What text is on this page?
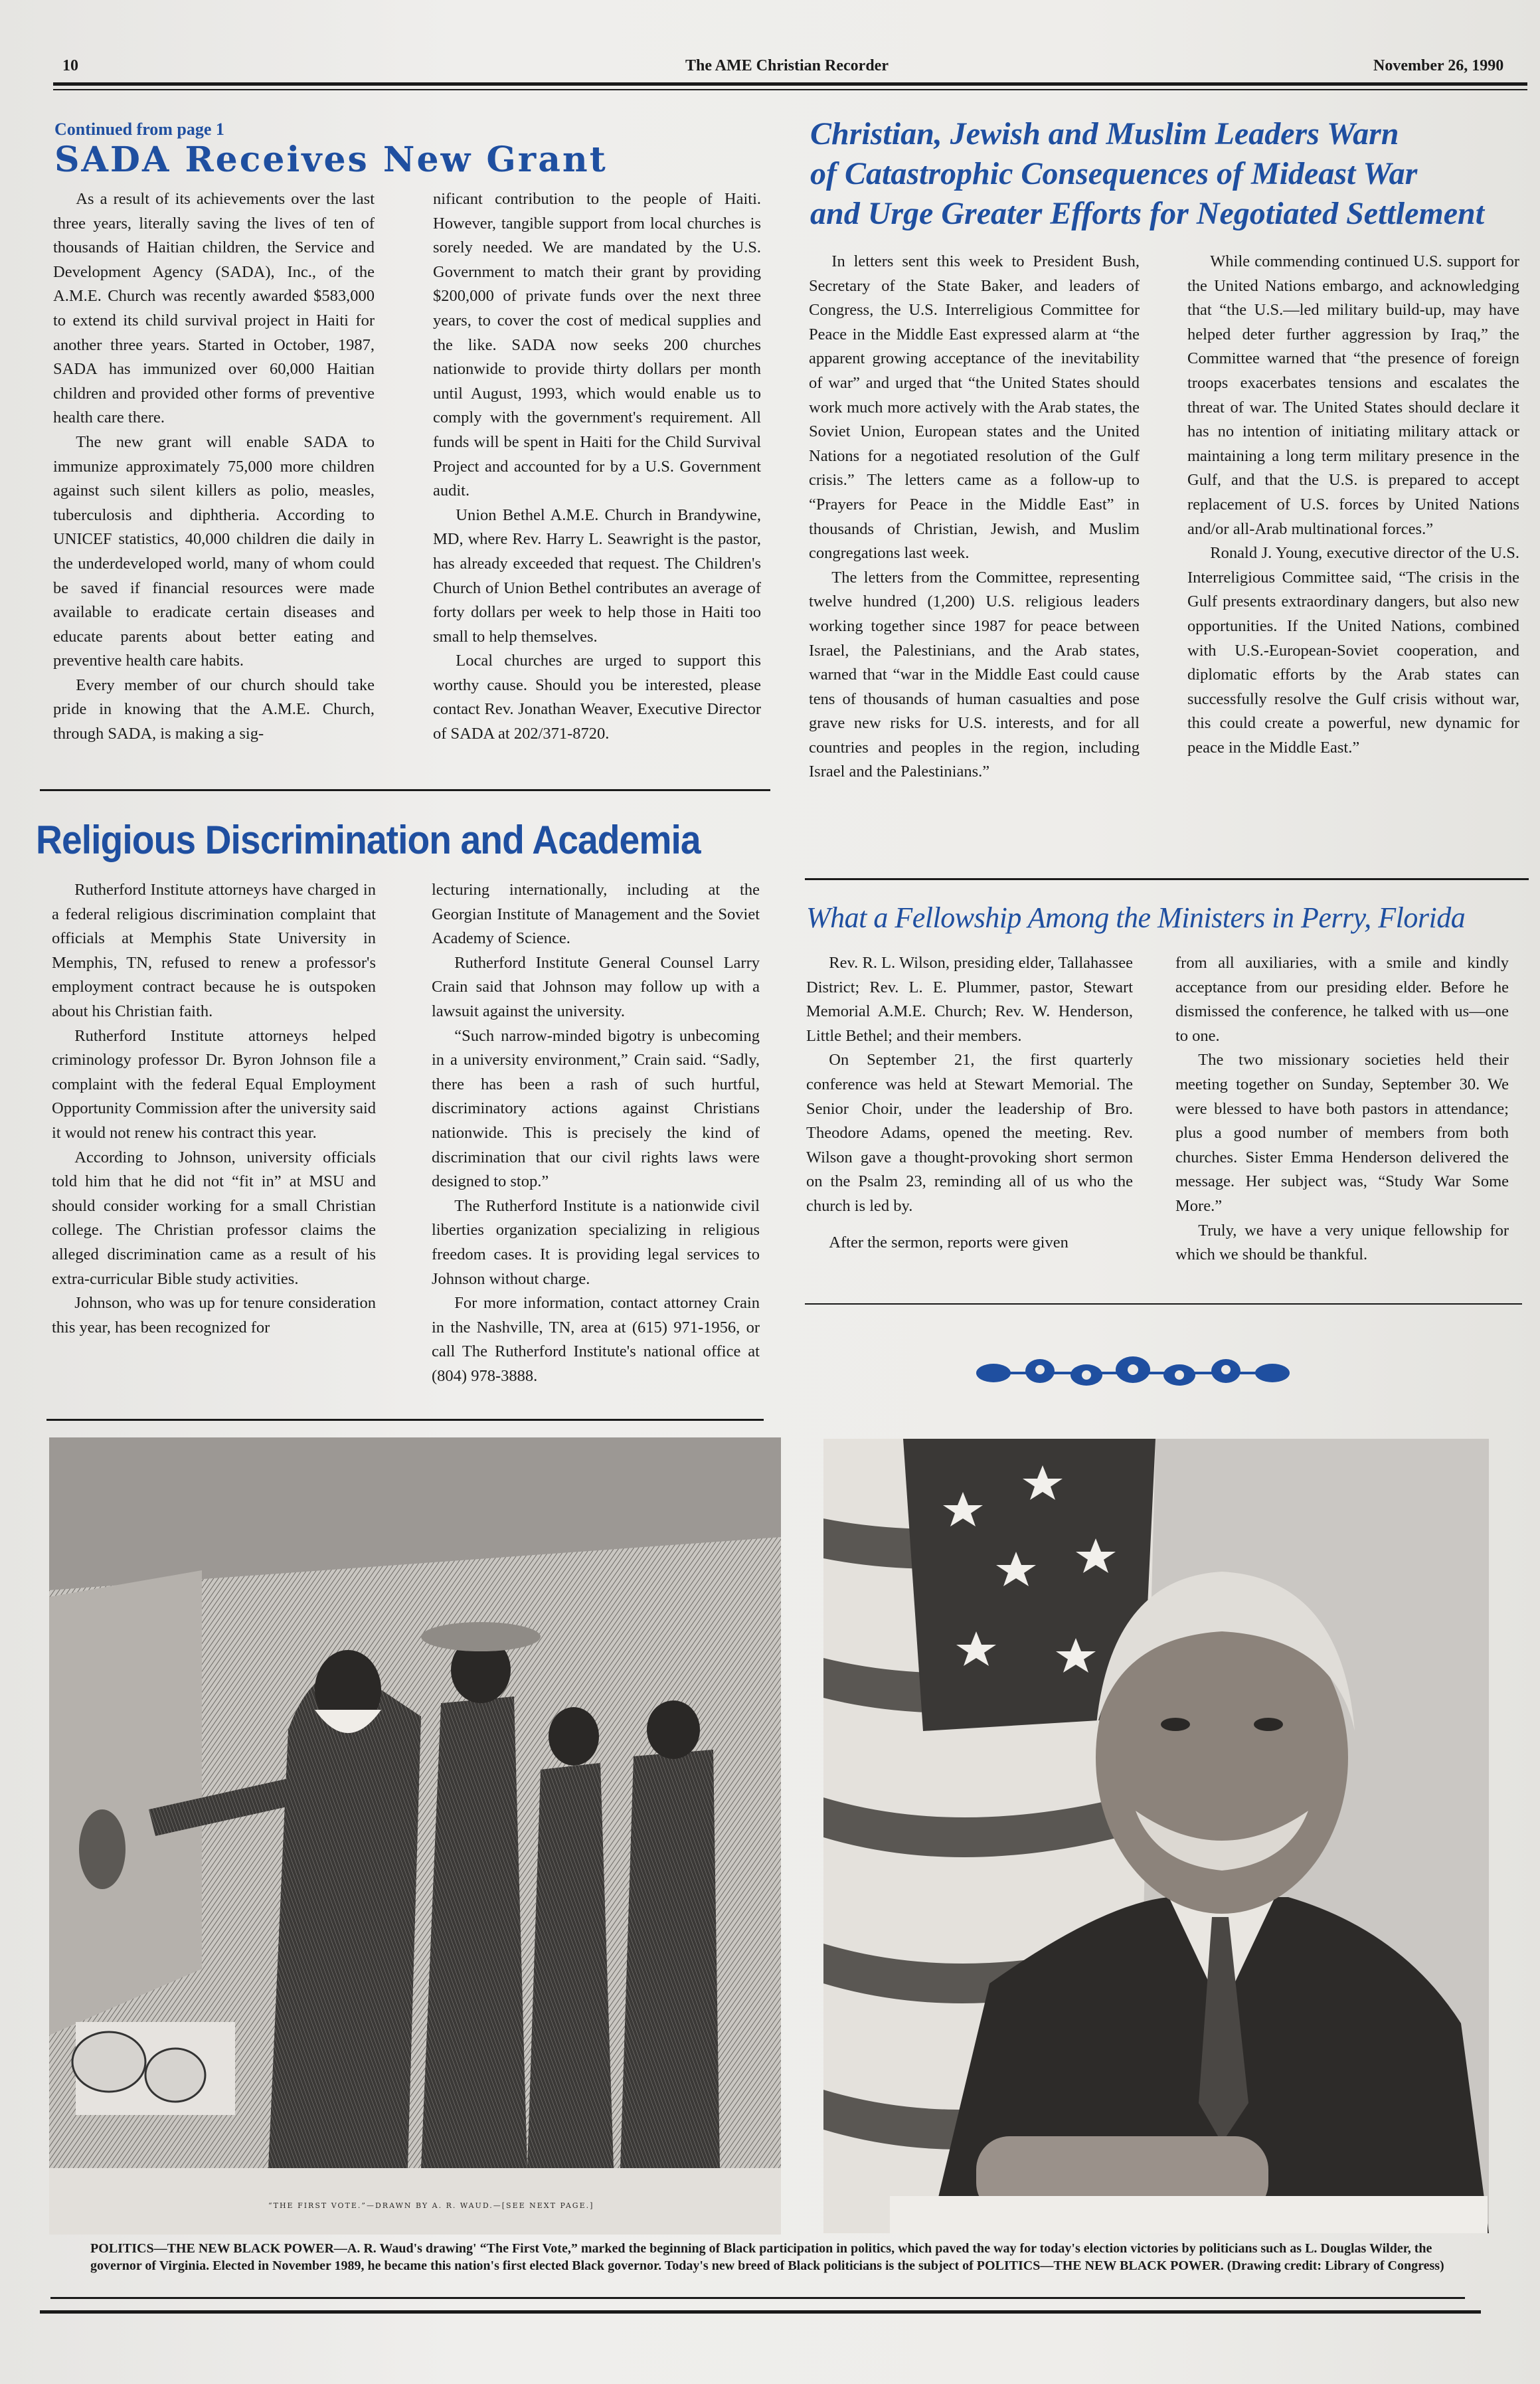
10	The AME Christian Recorder	November 26, 1990
Continued from page 1
SADA Receives New Grant

As a result of its achievements over the last three years, literally saving the lives of ten of thousands of Haitian children, the Service and Development Agency (SADA), Inc., of the A.M.E. Church was recently awarded $583,000 to extend its child survival project in Haiti for another three years. Started in October, 1987, SADA has immunized over 60,000 Haitian children and provided other forms of preventive health care there.

The new grant will enable SADA to immunize approximately 75,000 more children against such silent killers as polio, measles, tuberculosis and diphtheria. According to UNICEF statistics, 40,000 children die daily in the underdeveloped world, many of whom could be saved if financial resources were made available to eradicate certain diseases and educate parents about better eating and preventive health care habits.

Every member of our church should take pride in knowing that the A.M.E. Church, through SADA, is making a sig-

nificant contribution to the people of Haiti. However, tangible support from local churches is sorely needed. We are mandated by the U.S. Government to match their grant by providing $200,000 of private funds over the next three years, to cover the cost of medical supplies and the like. SADA now seeks 200 churches nationwide to provide thirty dollars per month until August, 1993, which would enable us to comply with the government's requirement. All funds will be spent in Haiti for the Child Survival Project and accounted for by a U.S. Government audit.

Union Bethel A.M.E. Church in Brandywine, MD, where Rev. Harry L. Seawright is the pastor, has already exceeded that request. The Children's Church of Union Bethel contributes an average of forty dollars per week to help those in Haiti too small to help themselves.

Local churches are urged to support this worthy cause. Should you be interested, please contact Rev. Jonathan Weaver, Executive Director of SADA at 202/371-8720.

Religious Discrimination and Academia

Rutherford Institute attorneys have charged in a federal religious discrimination complaint that officials at Memphis State University in Memphis, TN, refused to renew a professor's employment contract because he is outspoken about his Christian faith.

Rutherford Institute attorneys helped criminology professor Dr. Byron Johnson file a complaint with the federal Equal Employment Opportunity Commission after the university said it would not renew his contract this year.

According to Johnson, university officials told him that he did not “fit in” at MSU and should consider working for a small Christian college. The Christian professor claims the alleged discrimination came as a result of his extra-curricular Bible study activities.

Johnson, who was up for tenure consideration this year, has been recognized for

lecturing internationally, including at the Georgian Institute of Management and the Soviet Academy of Science.

Rutherford Institute General Counsel Larry Crain said that Johnson may follow up with a lawsuit against the university.

“Such narrow-minded bigotry is unbecoming in a university environment,” Crain said. “Sadly, there has been a rash of such hurtful, discriminatory actions against Christians nationwide. This is precisely the kind of discrimination that our civil rights laws were designed to stop.”

The Rutherford Institute is a nationwide civil liberties organization specializing in religious freedom cases. It is providing legal services to Johnson without charge.

For more information, contact attorney Crain in the Nashville, TN, area at (615) 971-1956, or call The Rutherford Institute's national office at (804) 978-3888.

Christian, Jewish and Muslim Leaders Warn
of Catastrophic Consequences of Mideast War
and Urge Greater Efforts for Negotiated Settlement

In letters sent this week to President Bush, Secretary of the State Baker, and leaders of Congress, the U.S. Interreligious Committee for Peace in the Middle East expressed alarm at “the apparent growing acceptance of the inevitability of war” and urged that “the United States should work much more actively with the Arab states, the Soviet Union, European states and the United Nations for a negotiated resolution of the Gulf crisis.” The letters came as a follow-up to “Prayers for Peace in the Middle East” in thousands of Christian, Jewish, and Muslim congregations last week.

The letters from the Committee, representing twelve hundred (1,200) U.S. religious leaders working together since 1987 for peace between Israel, the Palestinians, and the Arab states, warned that “war in the Middle East could cause tens of thousands of human casualties and pose grave new risks for U.S. interests, and for all countries and peoples in the region, including Israel and the Palestinians.”

While commending continued U.S. support for the United Nations embargo, and acknowledging that “the U.S.—led military build-up, may have helped deter further aggression by Iraq,” the Committee warned that “the presence of foreign troops exacerbates tensions and escalates the threat of war. The United States should declare it has no intention of initiating military attack or maintaining a long term military presence in the Gulf, and that the U.S. is prepared to accept replacement of U.S. forces by United Nations and/or all-Arab multinational forces.”

Ronald J. Young, executive director of the U.S. Interreligious Committee said, “The crisis in the Gulf presents extraordinary dangers, but also new opportunities. If the United Nations, combined with U.S.-European-Soviet cooperation, and diplomatic efforts by the Arab states can successfully resolve the Gulf crisis without war, this could create a powerful, new dynamic for peace in the Middle East.”

What a Fellowship Among the Ministers in Perry, Florida

Rev. R. L. Wilson, presiding elder, Tallahassee District; Rev. L. E. Plummer, pastor, Stewart Memorial A.M.E. Church; Rev. W. Henderson, Little Bethel; and their members.

On September 21, the first quarterly conference was held at Stewart Memorial. The Senior Choir, under the leadership of Bro. Theodore Adams, opened the meeting. Rev. Wilson gave a thought-provoking short sermon on the Psalm 23, reminding all of us who the church is led by.

After the sermon, reports were given

from all auxiliaries, with a smile and kindly acceptance from our presiding elder. Before he dismissed the conference, he talked with us—one to one.

The two missionary societies held their meeting together on Sunday, September 30. We were blessed to have both pastors in attendance; plus a good number of members from both churches. Sister Emma Henderson delivered the message. Her subject was, “Study War Some More.”

Truly, we have a very unique fellowship for which we should be thankful.

“THE FIRST VOTE.”—DRAWN BY A. R. WAUD.—[SEE NEXT PAGE.]
POLITICS—THE NEW BLACK POWER—A. R. Waud's drawing' “The First Vote,” marked the beginning of Black participation in politics, which paved the way for today's election victories by politicians such as L. Douglas Wilder, the governor of Virginia. Elected in November 1989, he became this nation's first elected Black governor. Today's new breed of Black politicians is the subject of POLITICS—THE NEW BLACK POWER. (Drawing credit: Library of Congress)
